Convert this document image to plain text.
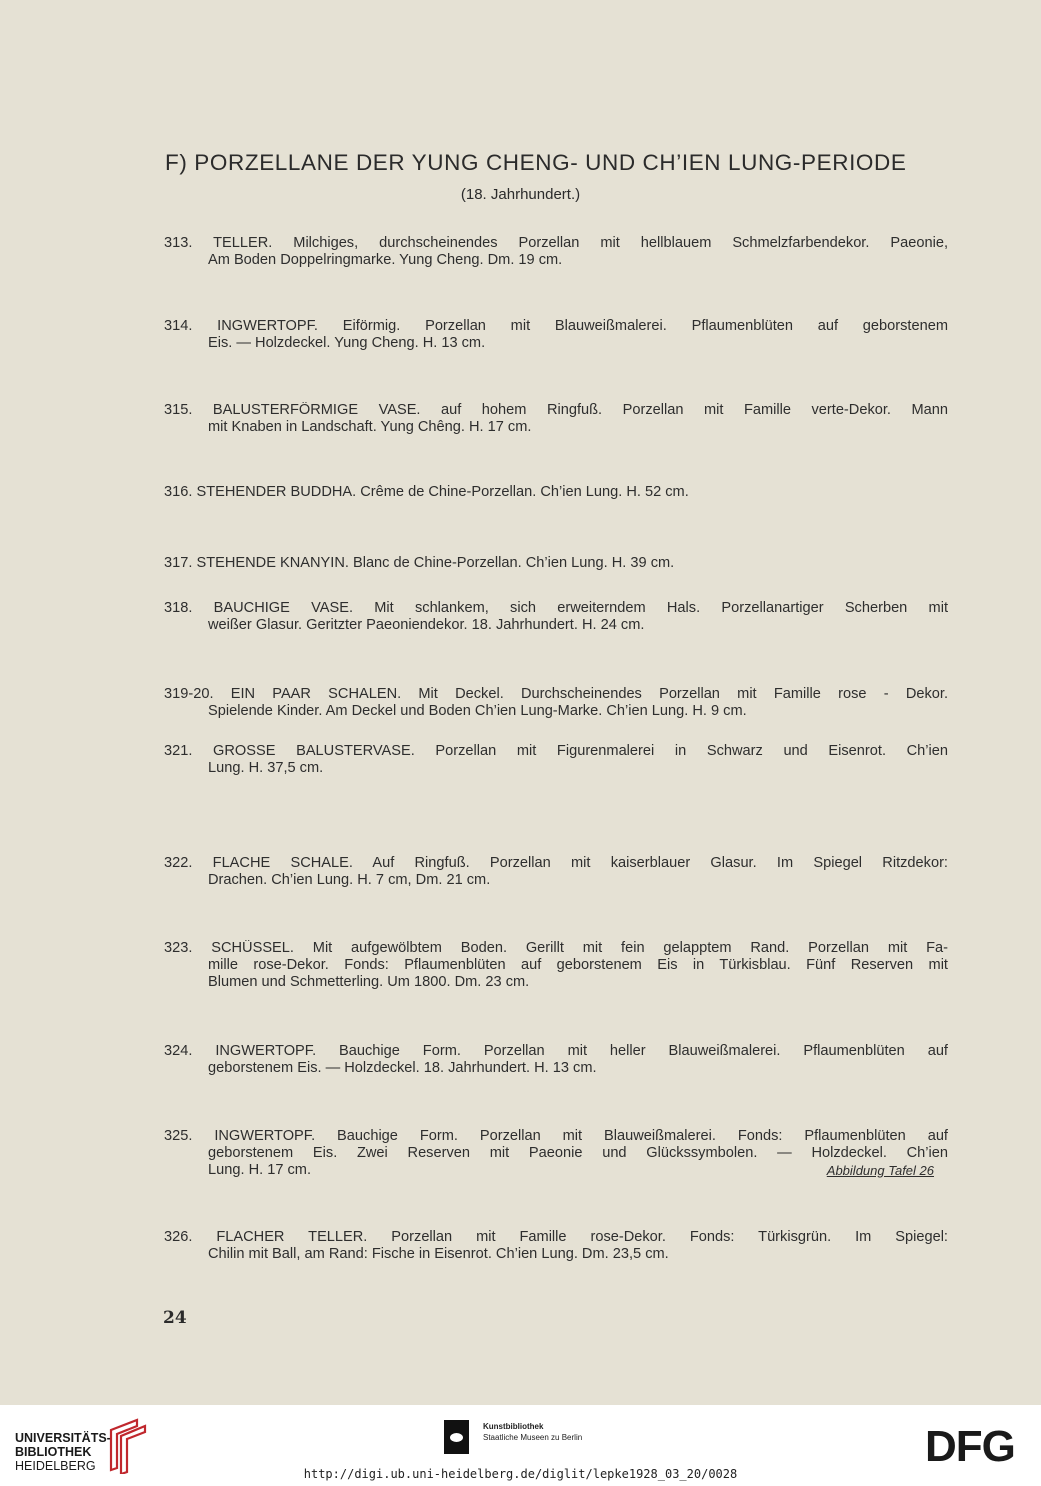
F) PORZELLANE DER YUNG CHENG- UND CH’IEN LUNG-PERIODE
(18. Jahrhundert.)
313. TELLER. Milchiges, durchscheinendes Porzellan mit hellblauem Schmelzfarbendekor. Paeonie,
Am Boden Doppelringmarke. Yung Cheng. Dm. 19 cm.
314. INGWERTOPF. Eiförmig. Porzellan mit Blauweißmalerei. Pflaumenblüten auf geborstenem
Eis. — Holzdeckel. Yung Cheng. H. 13 cm.
315. BALUSTERFÖRMIGE VASE. auf hohem Ringfuß. Porzellan mit Famille verte-Dekor. Mann
mit Knaben in Landschaft. Yung Chêng. H. 17 cm.
316. STEHENDER BUDDHA. Crême de Chine-Porzellan. Ch’ien Lung. H. 52 cm.
317. STEHENDE KNANYIN. Blanc de Chine-Porzellan. Ch’ien Lung. H. 39 cm.
318. BAUCHIGE VASE. Mit schlankem, sich erweiterndem Hals. Porzellanartiger Scherben mit
weißer Glasur. Geritzter Paeoniendekor. 18. Jahrhundert. H. 24 cm.
319-20. EIN PAAR SCHALEN. Mit Deckel. Durchscheinendes Porzellan mit Famille rose - Dekor.
Spielende Kinder. Am Deckel und Boden Ch’ien Lung-Marke. Ch’ien Lung. H. 9 cm.
321. GROSSE BALUSTERVASE. Porzellan mit Figurenmalerei in Schwarz und Eisenrot. Ch’ien
Lung. H. 37,5 cm.
322. FLACHE SCHALE. Auf Ringfuß. Porzellan mit kaiserblauer Glasur. Im Spiegel Ritzdekor:
Drachen. Ch’ien Lung. H. 7 cm, Dm. 21 cm.
323. SCHÜSSEL. Mit aufgewölbtem Boden. Gerillt mit fein gelapptem Rand. Porzellan mit Fa-
mille rose-Dekor. Fonds: Pflaumenblüten auf geborstenem Eis in Türkisblau. Fünf Reserven mit
Blumen und Schmetterling. Um 1800. Dm. 23 cm.
324. INGWERTOPF. Bauchige Form. Porzellan mit heller Blauweißmalerei. Pflaumenblüten auf
geborstenem Eis. — Holzdeckel. 18. Jahrhundert. H. 13 cm.
325. INGWERTOPF. Bauchige Form. Porzellan mit Blauweißmalerei. Fonds: Pflaumenblüten auf
geborstenem Eis. Zwei Reserven mit Paeonie und Glückssymbolen. — Holzdeckel. Ch’ien
Lung. H. 17 cm.	Abbildung Tafel 26
326. FLACHER TELLER. Porzellan mit Famille rose-Dekor. Fonds: Türkisgrün. Im Spiegel:
Chilin mit Ball, am Rand: Fische in Eisenrot. Ch’ien Lung. Dm. 23,5 cm.
24
UNIVERSITÄTS-
BIBLIOTHEK
HEIDELBERG
Kunstbibliothek
Staatliche Museen zu Berlin	DFG
http://digi.ub.uni-heidelberg.de/diglit/lepke1928_03_20/0028
